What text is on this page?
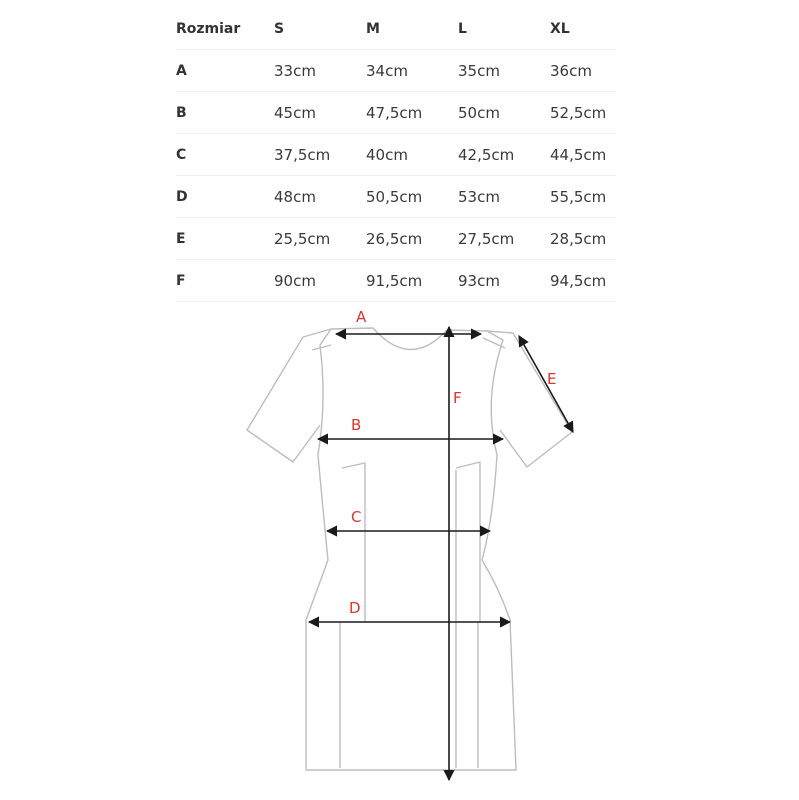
Rozmiar	S	M	L	XL
A	33cm	34cm	35cm	36cm
B	45cm	47,5cm	50cm	52,5cm
C	37,5cm	40cm	42,5cm	44,5cm
D	48cm	50,5cm	53cm	55,5cm
E	25,5cm	26,5cm	27,5cm	28,5cm
F	90cm	91,5cm	93cm	94,5cm
A
B
C
D
E
F
